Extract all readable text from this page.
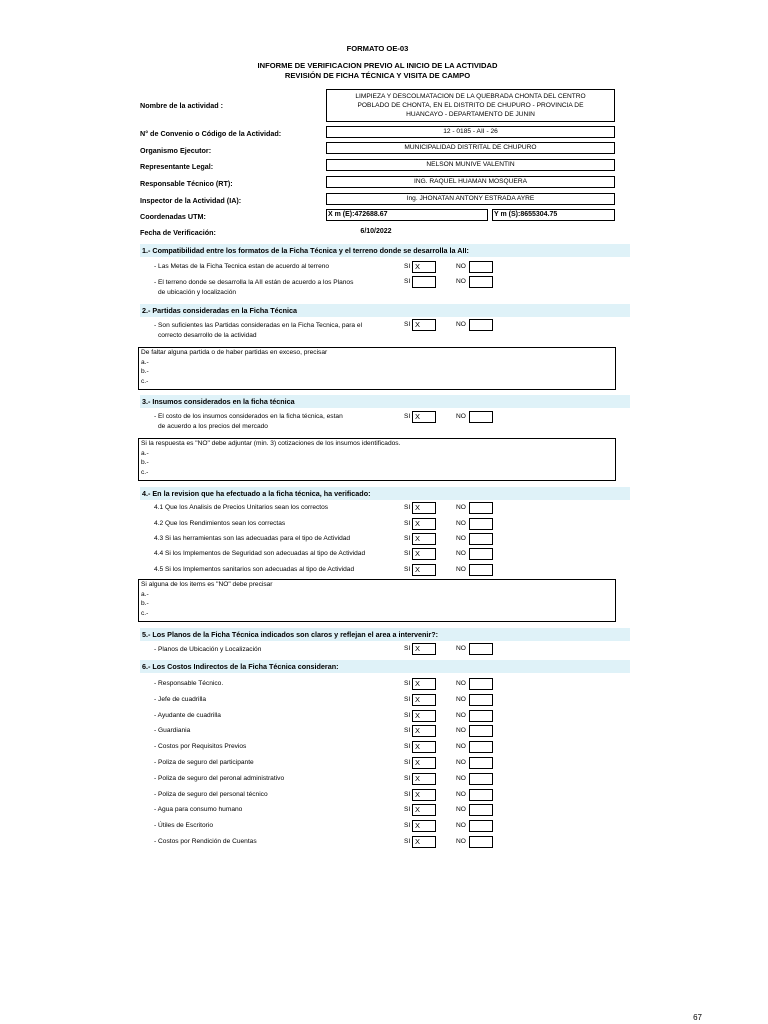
FORMATO OE-03
INFORME DE VERIFICACION PREVIO AL INICIO DE LA ACTIVIDAD
REVISIÓN DE FICHA TÉCNICA Y VISITA DE CAMPO
Nombre de la actividad :
LIMPIEZA Y DESCOLMATACION DE LA QUEBRADA CHONTA DEL CENTRO
POBLADO DE CHONTA, EN EL DISTRITO DE CHUPURO - PROVINCIA DE
HUANCAYO - DEPARTAMENTO DE JUNIN
N° de Convenio o Código de la Actividad:	12 - 0185 - AII - 26
Organismo Ejecutor:	MUNICIPALIDAD DISTRITAL DE CHUPURO
Representante Legal:	NELSON MUNIVE VALENTIN
Responsable Técnico (RT):	ING. RAQUEL HUAMAN MOSQUERA
Inspector de la Actividad (IA):	Ing. JHONATAN ANTONY ESTRADA AYRE
Coordenadas UTM:	X m (E):472688.67	Y m (S):8655304.75
Fecha de Verificación:	6/10/2022
1.- Compatibilidad entre los formatos de la Ficha Técnica y el terreno donde se desarrolla la AII:
- Las Metas de la Ficha Tecnica estan de acuerdo al terreno	SI X	NO
- El terreno donde se desarrolla la AII están de acuerdo a los Planos
de ubicación y localización
SI	NO
2.- Partidas consideradas en la Ficha Técnica
- Son suficientes las Partidas consideradas en la Ficha Tecnica, para el
correcto desarrollo de la actividad
SI X	NO
De faltar alguna partida o de haber partidas en exceso, precisar
a.-
b.-
c.-
3.- Insumos considerados en la ficha técnica
- El costo de los insumos considerados en la ficha técnica, estan
de acuerdo a los precios del mercado
SI X	NO
Si la respuesta es "NO" debe adjuntar (min. 3) cotizaciones de los insumos identificados.
a.-
b.-
c.-
4.- En la revision que ha efectuado a la ficha técnica, ha verificado:
4.1 Que los Analisis de Precios Unitarios sean los correctos	SI X	NO
4.2 Que los Rendimientos sean los correctas	SI X	NO
4.3 Si las herramientas son las adecuadas para el tipo de Actividad	SI X	NO
4.4 Si los Implementos de Seguridad son adecuadas al tipo de Actividad	SI X	NO
4.5 Si los Implementos sanitarios son adecuadas al tipo de Actividad	SI X	NO
Si alguna de los items es "NO" debe precisar
a.-
b.-
c.-
5.- Los Planos de la Ficha Técnica indicados son claros y reflejan el area a intervenir?:
- Planos de Ubicación y Localización	SI X	NO
6.- Los Costos Indirectos de la Ficha Técnica consideran:
- Responsable Técnico.	SI X	NO
- Jefe de cuadrilla	SI X	NO
- Ayudante de cuadrilla	SI X	NO
- Guardiania	SI X	NO
- Costos por Requisitos Previos	SI X	NO
- Poliza de seguro del participante	SI X	NO
- Poliza de seguro del peronal administrativo	SI X	NO
- Poliza de seguro del personal técnico	SI X	NO
- Agua para consumo humano	SI X	NO
- Útiles de Escritorio	SI X	NO
- Costos por Rendición de Cuentas	SI X	NO
67
